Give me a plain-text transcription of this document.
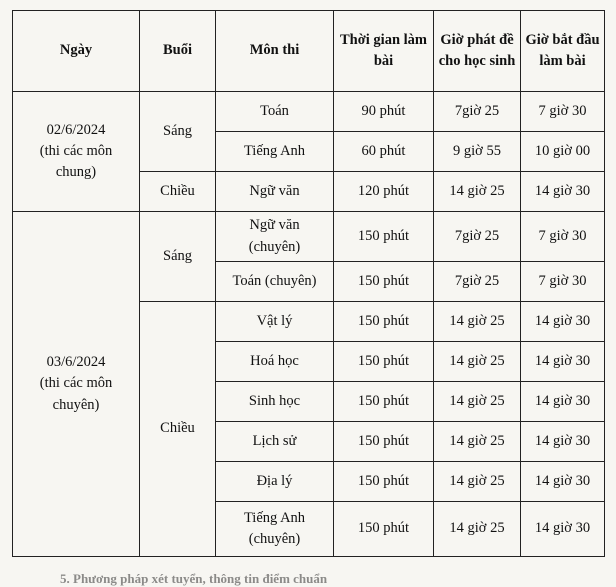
Ngày	Buổi	Môn thi	Thời gian làm bài	Giờ phát đề cho học sinh	Giờ bắt đầu làm bài

02/6/2024
(thi các môn chung)	Sáng	Toán	90 phút	7giờ 25	7 giờ 30
		Tiếng Anh	60 phút	9 giờ 55	10 giờ 00
	Chiều	Ngữ văn	120 phút	14 giờ 25	14 giờ 30

03/6/2024
(thi các môn chuyên)	Sáng	Ngữ văn (chuyên)	150 phút	7giờ 25	7 giờ 30
		Toán (chuyên)	150 phút	7giờ 25	7 giờ 30
	Chiều	Vật lý	150 phút	14 giờ 25	14 giờ 30
		Hoá học	150 phút	14 giờ 25	14 giờ 30
		Sinh học	150 phút	14 giờ 25	14 giờ 30
		Lịch sử	150 phút	14 giờ 25	14 giờ 30
		Địa lý	150 phút	14 giờ 25	14 giờ 30
		Tiếng Anh (chuyên)	150 phút	14 giờ 25	14 giờ 30
5. Phương pháp xét tuyển, thông tin điểm chuẩn
